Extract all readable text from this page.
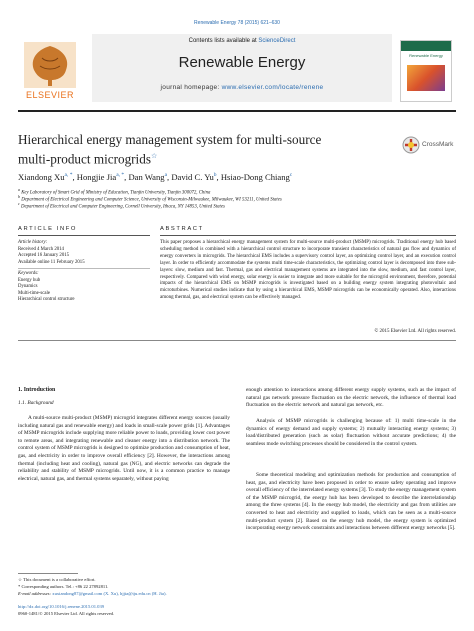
Renewable Energy 78 (2015) 621–630
ELSEVIER
Contents lists available at ScienceDirect
Renewable Energy
journal homepage: www.elsevier.com/locate/renene
Renewable Energy
Hierarchical energy management system for multi-source
multi-product microgrids☆
CrossMark
Xiandong $Xu^{a, *}$, Hongjie Jia$^{a, *}$, Dan Wang$^a$, David C. Yu$^b$, Hsiao-Dong Chiang$^c$
$^a$ Key Laboratory of Smart Grid of Ministry of Education, Tianjin University, Tianjin 300072, China
$^b$ Department of Electrical Engineering and Computer Science, University of Wisconsin-Milwaukee, Milwaukee, WI 53211, United States
$^c$ Department of Electrical and Computer Engineering, Cornell University, Ithaca, NY 14853, United States
ARTICLE INFO
Article history:
Received 4 March 2014
Accepted 16 January 2015
Available online 11 February 2015
Keywords:
Energy hub
Dynamics
Multi-time-scale
Hierarchical control structure
ABSTRACT
This paper proposes a hierarchical energy management system for multi-source multi-product (MSMP) microgrids. Traditional energy hub based scheduling method is combined with a hierarchical control structure to incorporate transient characteristics of natural gas flow and dynamics of energy converters in microgrids. The hierarchical EMS includes a supervisory control layer, an optimizing control layer, and an execution control layer. In order to efficiently accommodate the systems multi time-scale characteristics, the optimizing control layer is decomposed into three sub-layers: slow, medium and fast. Thermal, gas and electrical management systems are integrated into the slow, medium, and fast control layer, respectively. Compared with wind energy, solar energy is easier to integrate and more suitable for the microgrid environment, therefore, potential impacts of the hierarchical EMS on MSMP microgrids is investigated based on a building energy system integrating photovoltaic and microturbines. Numerical studies indicate that by using a hierarchical EMS, MSMP microgrids can be economically operated. Also, interactions among thermal, gas, and electrical system can be effectively managed.
© 2015 Elsevier Ltd. All rights reserved.
1. Introduction
1.1. Background
A multi-source multi-product (MSMP) microgrid integrates different energy sources (usually including natural gas and renewable energy) and loads in small-scale power grids [1]. Advantages of MSMP microgrids include supplying more reliable power to loads, providing lower cost power to remote areas, and integrating renewable and cleaner energy into a distribution network. The control system of MSMP microgrids is designed to optimize production and consumption of heat, gas, and electricity in order to improve overall efficiency [2]. However, the interactions among thermal (including heat and cooling), natural gas (NG), and electric networks can degrade the reliability and stability of MSMP microgrids. Until now, it is a common practice to manage electrical, natural gas, and thermal systems separately, without paying
enough attention to interactions among different energy supply systems, such as the impact of natural gas network pressure fluctuation on the electric network, the influence of thermal load fluctuation on the electric network and natural gas network, etc.
Analysis of MSMP microgrids is challenging because of: 1) multi time-scale in the dynamics of energy demand and supply systems; 2) mutually interacting energy systems; 3) load/distributed generation (such as solar) fluctuation without accurate predictions; 4) the seamless mode switching processes should be considered in the control system.
Some theoretical modeling and optimization methods for production and consumption of heat, gas, and electricity have been proposed in order to ensure safety operating and improve overall efficiency of the interrelated energy systems [3]. To study the energy management system of the MSMP microgrid, the energy hub has been developed to describe the interrelationship among the three systems [4]. In the energy hub model, the electricity and gas from utilities are converted to heat and electricity and supplied to loads, which can be seen as a multi-source multi-product system [2]. Based on the energy hub model, the energy system is optimized incorporating energy network constraints and interactions between different energy networks [5].
☆ This document is a collaborative effort.
* Corresponding authors. Tel.: +86 22 27892811.
E-mail addresses: xuxiandong87@gmail.com (X. Xu), hjjia@tju.edu.cn (H. Jia).
http://dx.doi.org/10.1016/j.renene.2015.01.039
0960-1481/© 2015 Elsevier Ltd. All rights reserved.
